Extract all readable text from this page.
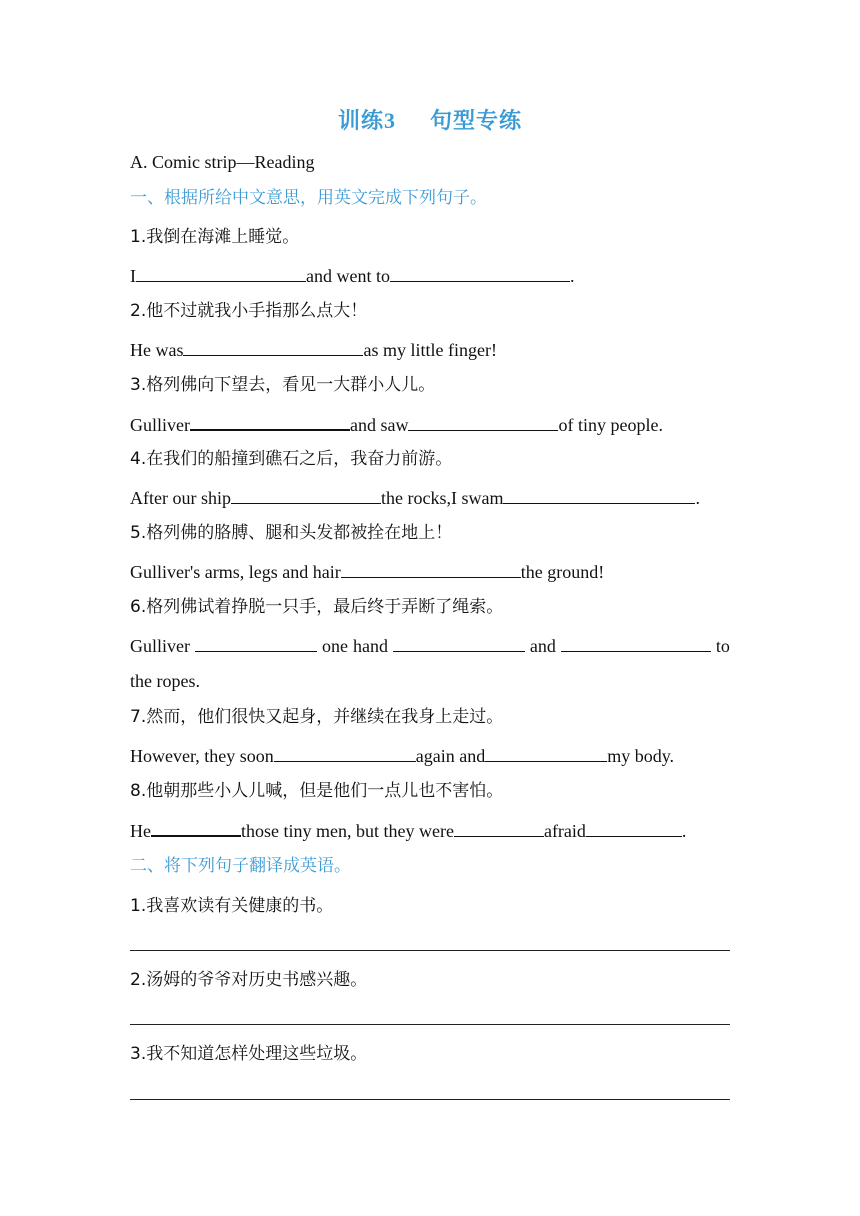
训练3 句型专练
A. Comic strip—Reading
一、根据所给中文意思，用英文完成下列句子。
1.我倒在海滩上睡觉。
I	and went to	.
2.他不过就我小手指那么点大！
He was	as my little finger!
3.格列佛向下望去，看见一大群小人儿。
Gulliver	and saw	of tiny people.
4.在我们的船撞到礁石之后，我奋力前游。
After our ship	the rocks,I swam	.
5.格列佛的胳膊、腿和头发都被拴在地上！
Gulliver's arms, legs and hair	the ground!
6.格列佛试着挣脱一只手，最后终于弄断了绳索。
Gulliver	one hand	and	to
the ropes.
7.然而，他们很快又起身，并继续在我身上走过。
However, they soon	again and	my body.
8.他朝那些小人儿喊，但是他们一点儿也不害怕。
He	those tiny men, but they were	afraid	.
二、将下列句子翻译成英语。
1.我喜欢读有关健康的书。
2.汤姆的爷爷对历史书感兴趣。
3.我不知道怎样处理这些垃圾。
